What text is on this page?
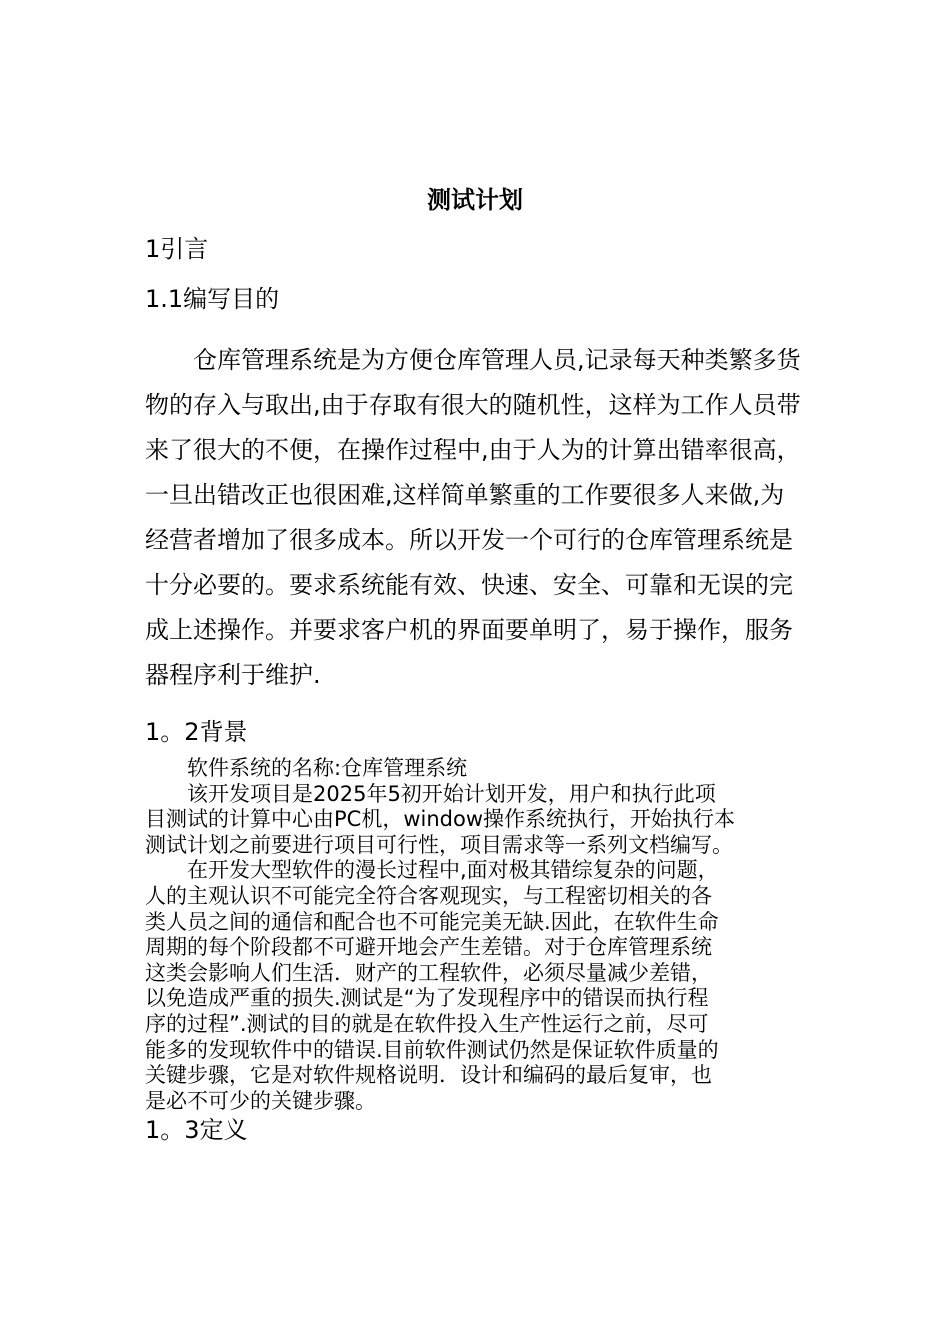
测试计划
1引言
1.1编写目的
　　仓库管理系统是为方便仓库管理人员,记录每天种类繁多货
物的存入与取出,由于存取有很大的随机性，这样为工作人员带
来了很大的不便，在操作过程中,由于人为的计算出错率很高，
一旦出错改正也很困难,这样简单繁重的工作要很多人来做,为
经营者增加了很多成本。所以开发一个可行的仓库管理系统是
十分必要的。要求系统能有效、快速、安全、可靠和无误的完
成上述操作。并要求客户机的界面要单明了，易于操作，服务
器程序利于维护.
1。2背景
　　软件系统的名称:仓库管理系统
　　该开发项目是2025年5初开始计划开发，用户和执行此项
目测试的计算中心由PC机，window操作系统执行，开始执行本
测试计划之前要进行项目可行性，项目需求等一系列文档编写。
　　在开发大型软件的漫长过程中,面对极其错综复杂的问题，
人的主观认识不可能完全符合客观现实，与工程密切相关的各
类人员之间的通信和配合也不可能完美无缺.因此，在软件生命
周期的每个阶段都不可避开地会产生差错。对于仓库管理系统
这类会影响人们生活．财产的工程软件，必须尽量减少差错，
以免造成严重的损失.测试是“为了发现程序中的错误而执行程
序的过程”.测试的目的就是在软件投入生产性运行之前，尽可
能多的发现软件中的错误.目前软件测试仍然是保证软件质量的
关键步骤，它是对软件规格说明．设计和编码的最后复审，也
是必不可少的关键步骤。
1。3定义
